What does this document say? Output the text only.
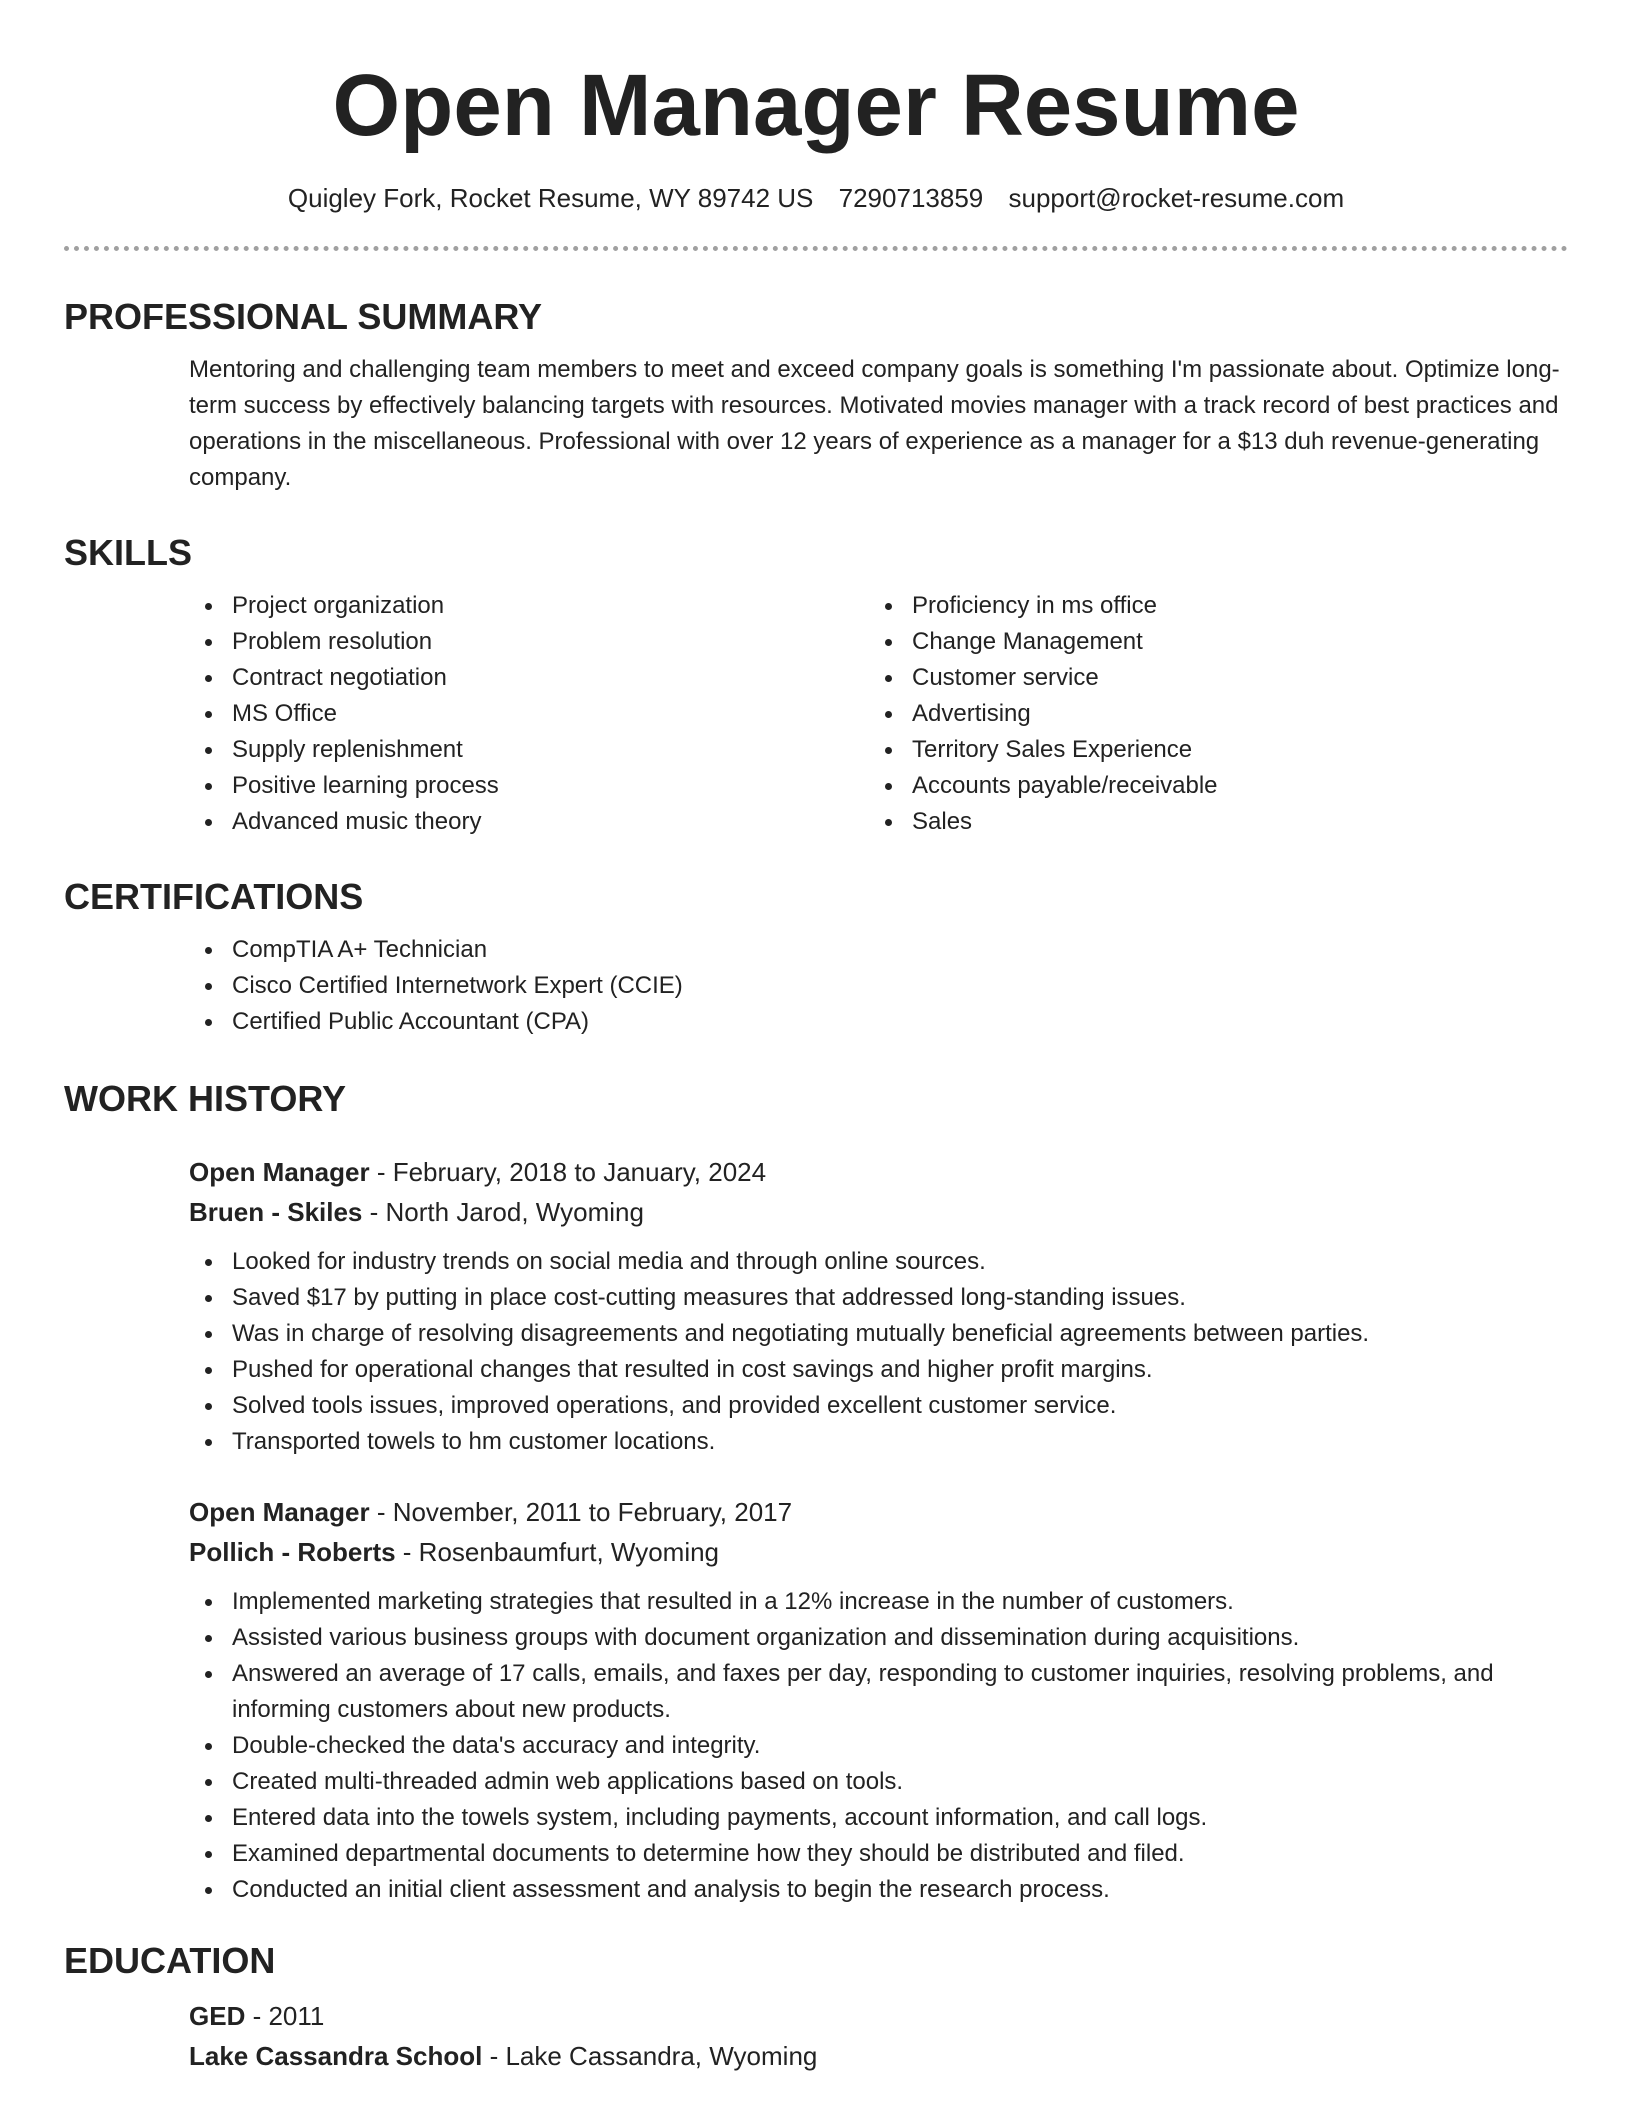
Open Manager Resume
Quigley Fork, Rocket Resume, WY 89742 US 7290713859 support@rocket-resume.com
PROFESSIONAL SUMMARY

Mentoring and challenging team members to meet and exceed company goals is something I'm passionate about. Optimize long-term success by effectively balancing targets with resources. Motivated movies manager with a track record of best practices and operations in the miscellaneous. Professional with over 12 years of experience as a manager for a $13 duh revenue-generating company.

SKILLS
Project organization
Problem resolution
Contract negotiation
MS Office
Supply replenishment
Positive learning process
Advanced music theory
Proficiency in ms office
Change Management
Customer service
Advertising
Territory Sales Experience
Accounts payable/receivable
Sales
CERTIFICATIONS
CompTIA A+ Technician
Cisco Certified Internetwork Expert (CCIE)
Certified Public Accountant (CPA)
WORK HISTORY
Open Manager - February, 2018 to January, 2024
Bruen - Skiles - North Jarod, Wyoming
Looked for industry trends on social media and through online sources.
Saved $17 by putting in place cost-cutting measures that addressed long-standing issues.
Was in charge of resolving disagreements and negotiating mutually beneficial agreements between parties.
Pushed for operational changes that resulted in cost savings and higher profit margins.
Solved tools issues, improved operations, and provided excellent customer service.
Transported towels to hm customer locations.
Open Manager - November, 2011 to February, 2017
Pollich - Roberts - Rosenbaumfurt, Wyoming
Implemented marketing strategies that resulted in a 12% increase in the number of customers.
Assisted various business groups with document organization and dissemination during acquisitions.
Answered an average of 17 calls, emails, and faxes per day, responding to customer inquiries, resolving problems, and informing customers about new products.
Double-checked the data's accuracy and integrity.
Created multi-threaded admin web applications based on tools.
Entered data into the towels system, including payments, account information, and call logs.
Examined departmental documents to determine how they should be distributed and filed.
Conducted an initial client assessment and analysis to begin the research process.
EDUCATION
GED - 2011
Lake Cassandra School - Lake Cassandra, Wyoming
